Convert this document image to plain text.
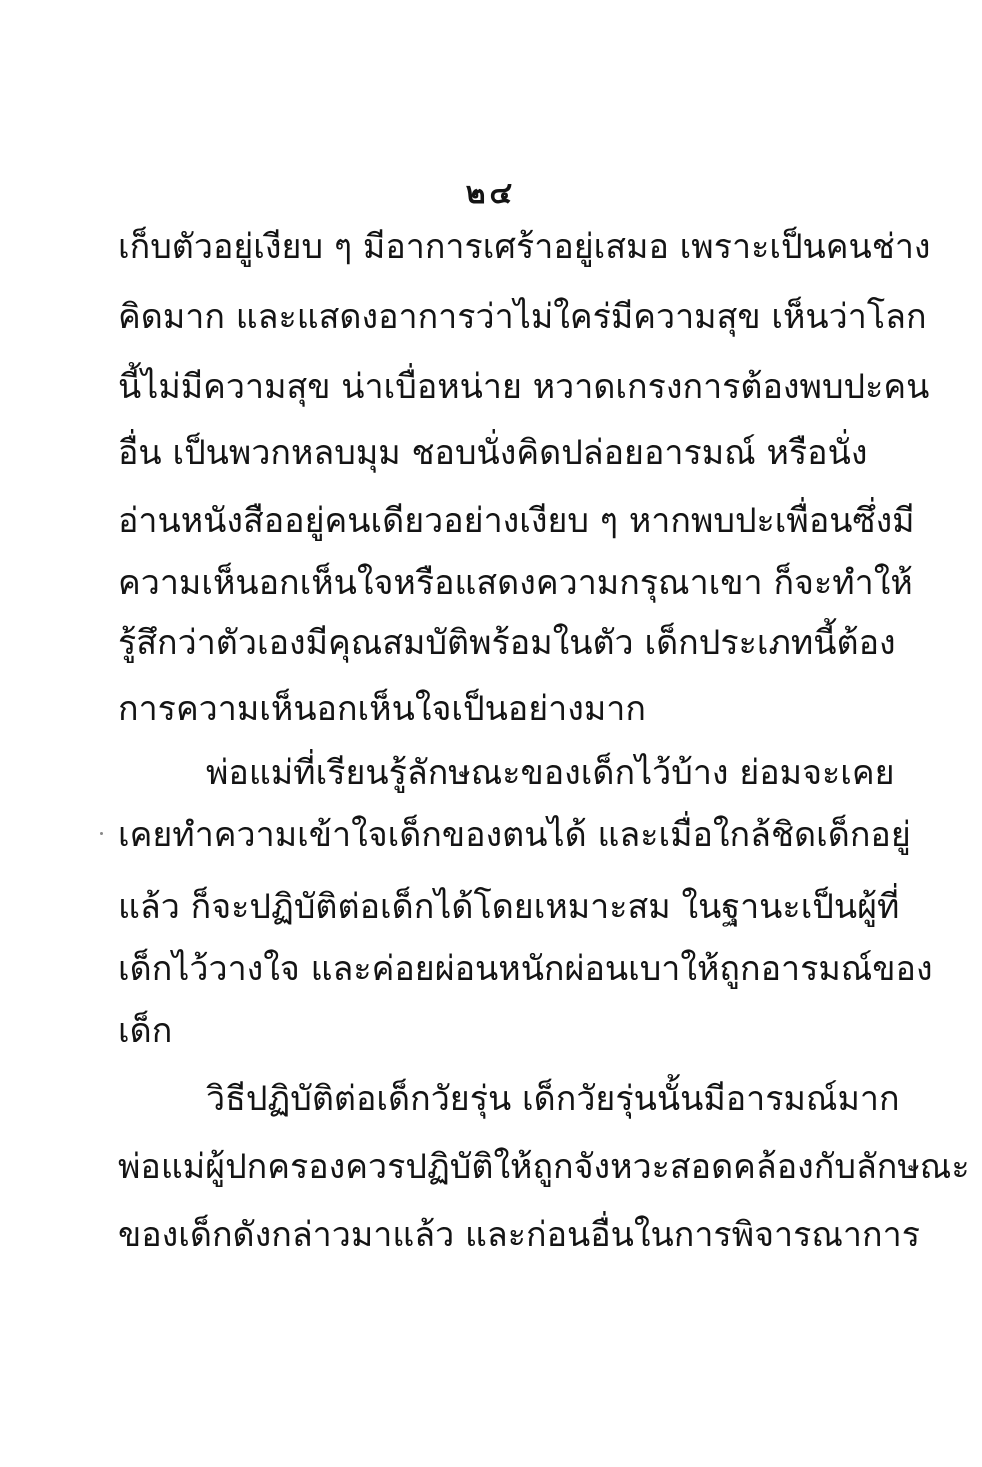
๒๔
เก็บตัวอยู่เงียบ ๆ มีอาการเศร้าอยู่เสมอ เพราะเป็นคนช่าง
คิดมาก และแสดงอาการว่าไม่ใคร่มีความสุข เห็นว่าโลก
นี้ไม่มีความสุข น่าเบื่อหน่าย หวาดเกรงการต้องพบปะคน
อื่น เป็นพวกหลบมุม ชอบนั่งคิดปล่อยอารมณ์ หรือนั่ง
อ่านหนังสืออยู่คนเดียวอย่างเงียบ ๆ หากพบปะเพื่อนซึ่งมี
ความเห็นอกเห็นใจหรือแสดงความกรุณาเขา ก็จะทำให้
รู้สึกว่าตัวเองมีคุณสมบัติพร้อมในตัว เด็กประเภทนี้ต้อง
การความเห็นอกเห็นใจเป็นอย่างมาก
พ่อแม่ที่เรียนรู้ลักษณะของเด็กไว้บ้าง ย่อมจะเคย
เคยทำความเข้าใจเด็กของตนได้ และเมื่อใกล้ชิดเด็กอยู่
แล้ว ก็จะปฏิบัติต่อเด็กได้โดยเหมาะสม ในฐานะเป็นผู้ที่
เด็กไว้วางใจ และค่อยผ่อนหนักผ่อนเบาให้ถูกอารมณ์ของ
เด็ก
วิธีปฏิบัติต่อเด็กวัยรุ่น เด็กวัยรุ่นนั้นมีอารมณ์มาก
พ่อแม่ผู้ปกครองควรปฏิบัติให้ถูกจังหวะสอดคล้องกับลักษณะ
ของเด็กดังกล่าวมาแล้ว และก่อนอื่นในการพิจารณาการ
